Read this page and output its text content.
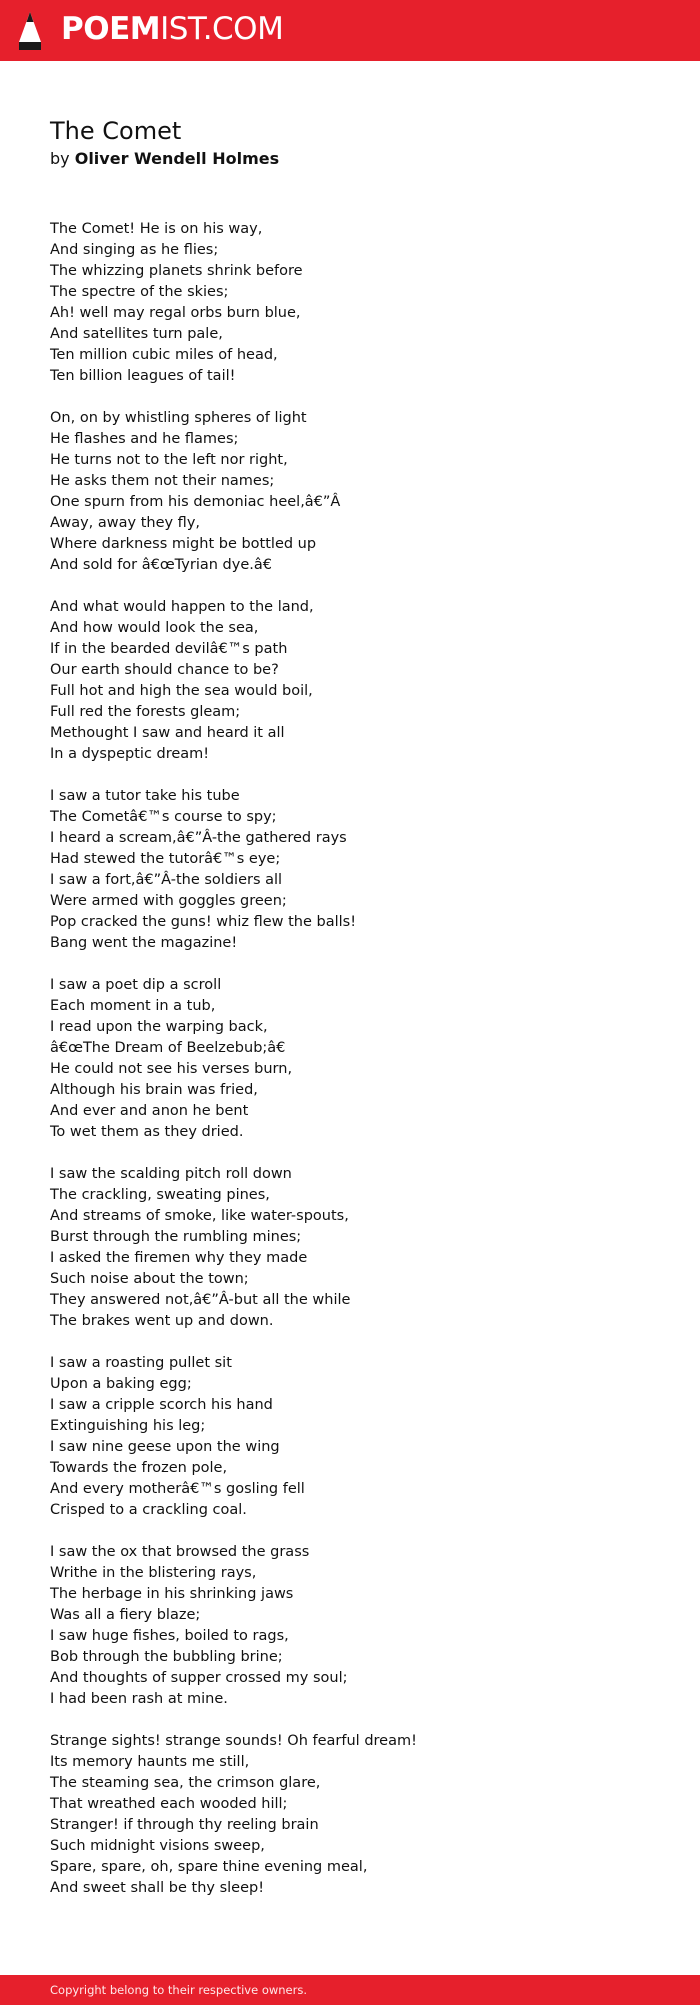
POEMIST.COM
The Comet
by Oliver Wendell Holmes
The Comet! He is on his way,
And singing as he flies;
The whizzing planets shrink before
The spectre of the skies;
Ah! well may regal orbs burn blue,
And satellites turn pale,
Ten million cubic miles of head,
Ten billion leagues of tail!
On, on by whistling spheres of light
He flashes and he flames;
He turns not to the left nor right,
He asks them not their names;
One spurn from his demoniac heel,â€”Â
Away, away they fly,
Where darkness might be bottled up
And sold for â€œTyrian dye.â€
And what would happen to the land,
And how would look the sea,
If in the bearded devilâ€™s path
Our earth should chance to be?
Full hot and high the sea would boil,
Full red the forests gleam;
Methought I saw and heard it all
In a dyspeptic dream!
I saw a tutor take his tube
The Cometâ€™s course to spy;
I heard a scream,â€”Â-the gathered rays
Had stewed the tutorâ€™s eye;
I saw a fort,â€”Â-the soldiers all
Were armed with goggles green;
Pop cracked the guns! whiz flew the balls!
Bang went the magazine!
I saw a poet dip a scroll
Each moment in a tub,
I read upon the warping back,
â€œThe Dream of Beelzebub;â€
He could not see his verses burn,
Although his brain was fried,
And ever and anon he bent
To wet them as they dried.
I saw the scalding pitch roll down
The crackling, sweating pines,
And streams of smoke, like water-spouts,
Burst through the rumbling mines;
I asked the firemen why they made
Such noise about the town;
They answered not,â€”Â-but all the while
The brakes went up and down.
I saw a roasting pullet sit
Upon a baking egg;
I saw a cripple scorch his hand
Extinguishing his leg;
I saw nine geese upon the wing
Towards the frozen pole,
And every motherâ€™s gosling fell
Crisped to a crackling coal.
I saw the ox that browsed the grass
Writhe in the blistering rays,
The herbage in his shrinking jaws
Was all a fiery blaze;
I saw huge fishes, boiled to rags,
Bob through the bubbling brine;
And thoughts of supper crossed my soul;
I had been rash at mine.
Strange sights! strange sounds! Oh fearful dream!
Its memory haunts me still,
The steaming sea, the crimson glare,
That wreathed each wooded hill;
Stranger! if through thy reeling brain
Such midnight visions sweep,
Spare, spare, oh, spare thine evening meal,
And sweet shall be thy sleep!
Copyright belong to their respective owners.
